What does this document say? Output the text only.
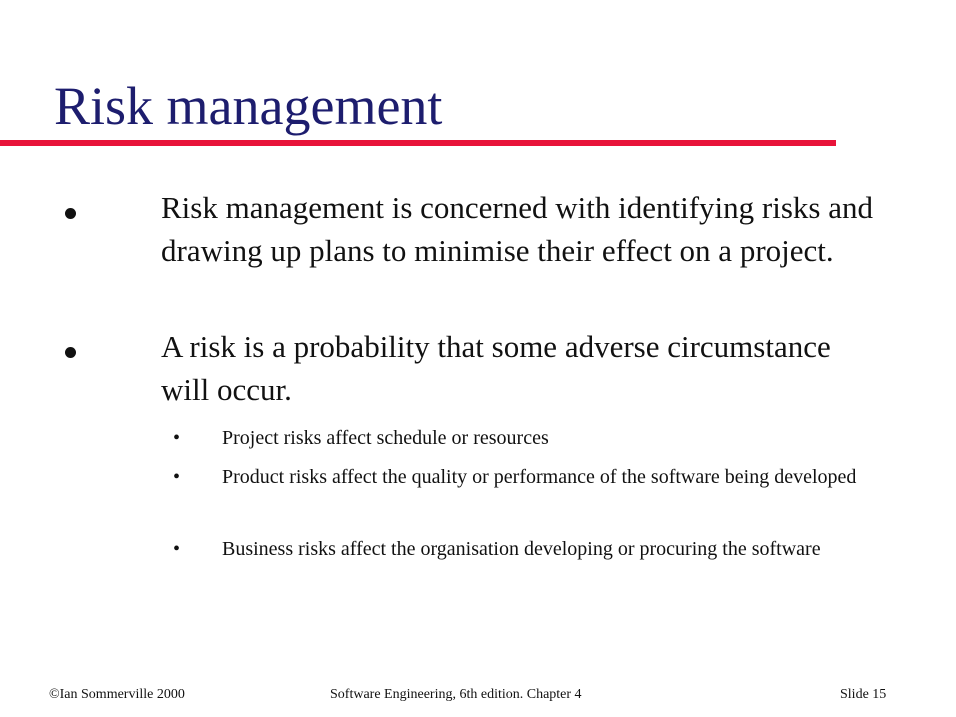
Risk management

Risk management is concerned with identifying risks and drawing up plans to minimise their effect on a project.

A risk is a probability that some adverse circumstance will occur.

•	Project risks affect schedule or resources

•	Product risks affect the quality or performance of the software being developed

•	Business risks affect the organisation developing or procuring the software

©Ian Sommerville 2000	Software Engineering, 6th edition. Chapter 4	Slide 15
